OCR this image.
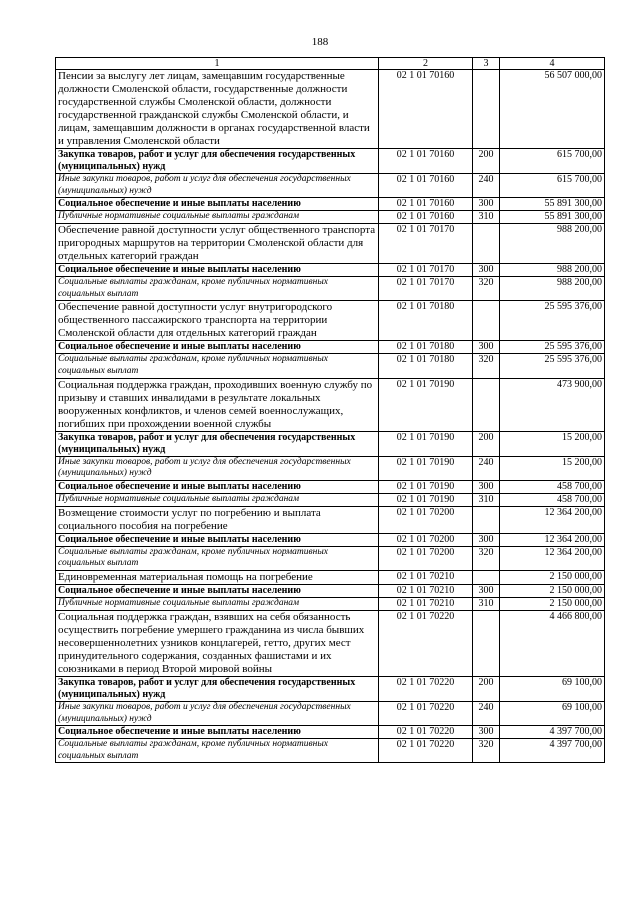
188
1	2	3	4
Пенсии за выслугу лет лицам, замещавшим государственные должности Смоленской области, государственные должности государственной службы Смоленской области, должности государственной гражданской службы Смоленской области, и лицам, замещавшим должности в органах государственной власти и управления Смоленской области	02 1 01 70160		56 507 000,00
Закупка товаров, работ и услуг для обеспечения государственных (муниципальных) нужд	02 1 01 70160	200	615 700,00
Иные закупки товаров, работ и услуг для обеспечения государственных (муниципальных) нужд	02 1 01 70160	240	615 700,00
Социальное обеспечение и иные выплаты населению	02 1 01 70160	300	55 891 300,00
Публичные нормативные социальные выплаты гражданам	02 1 01 70160	310	55 891 300,00
Обеспечение равной доступности услуг общественного транспорта пригородных маршрутов на территории Смоленской области для отдельных категорий граждан	02 1 01 70170		988 200,00
Социальное обеспечение и иные выплаты населению	02 1 01 70170	300	988 200,00
Социальные выплаты гражданам, кроме публичных нормативных социальных выплат	02 1 01 70170	320	988 200,00
Обеспечение равной доступности услуг внутригородского общественного пассажирского транспорта на территории Смоленской области для отдельных категорий граждан	02 1 01 70180		25 595 376,00
Социальное обеспечение и иные выплаты населению	02 1 01 70180	300	25 595 376,00
Социальные выплаты гражданам, кроме публичных нормативных социальных выплат	02 1 01 70180	320	25 595 376,00
Социальная поддержка граждан, проходивших военную службу по призыву и ставших инвалидами в результате локальных вооруженных конфликтов, и членов семей военнослужащих, погибших при прохождении военной службы	02 1 01 70190		473 900,00
Закупка товаров, работ и услуг для обеспечения государственных (муниципальных) нужд	02 1 01 70190	200	15 200,00
Иные закупки товаров, работ и услуг для обеспечения государственных (муниципальных) нужд	02 1 01 70190	240	15 200,00
Социальное обеспечение и иные выплаты населению	02 1 01 70190	300	458 700,00
Публичные нормативные социальные выплаты гражданам	02 1 01 70190	310	458 700,00
Возмещение стоимости услуг по погребению и выплата социального пособия на погребение	02 1 01 70200		12 364 200,00
Социальное обеспечение и иные выплаты населению	02 1 01 70200	300	12 364 200,00
Социальные выплаты гражданам, кроме публичных нормативных социальных выплат	02 1 01 70200	320	12 364 200,00
Единовременная материальная помощь на погребение	02 1 01 70210		2 150 000,00
Социальное обеспечение и иные выплаты населению	02 1 01 70210	300	2 150 000,00
Публичные нормативные социальные выплаты гражданам	02 1 01 70210	310	2 150 000,00
Социальная поддержка граждан, взявших на себя обязанность осуществить погребение умершего гражданина из числа бывших несовершеннолетних узников концлагерей, гетто, других мест принудительного содержания, созданных фашистами и их союзниками в период Второй мировой войны	02 1 01 70220		4 466 800,00
Закупка товаров, работ и услуг для обеспечения государственных (муниципальных) нужд	02 1 01 70220	200	69 100,00
Иные закупки товаров, работ и услуг для обеспечения государственных (муниципальных) нужд	02 1 01 70220	240	69 100,00
Социальное обеспечение и иные выплаты населению	02 1 01 70220	300	4 397 700,00
Социальные выплаты гражданам, кроме публичных нормативных социальных выплат	02 1 01 70220	320	4 397 700,00
